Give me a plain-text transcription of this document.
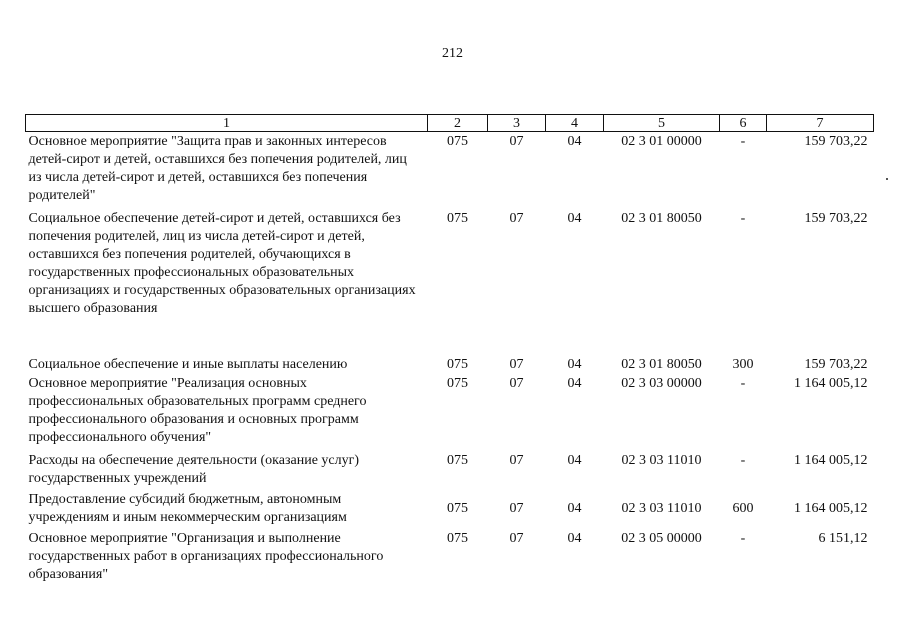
212
1	2	3	4	5	6	7
Основное мероприятие "Защита прав и законных интересов детей-сирот и детей, оставшихся без попечения родителей, лиц из числа детей-сирот и детей, оставшихся без попечения родителей"	075	07	04	02 3 01 00000	-	159 703,22
Социальное обеспечение детей-сирот и детей, оставшихся без попечения родителей, лиц из числа детей-сирот и детей, оставшихся без попечения родителей, обучающихся в государственных профессиональных образовательных организациях и государственных образовательных организациях высшего образования	075	07	04	02 3 01 80050	-	159 703,22
Социальное обеспечение и иные выплаты населению	075	07	04	02 3 01 80050	300	159 703,22
Основное мероприятие "Реализация основных профессиональных образовательных программ среднего профессионального образования и основных программ профессионального обучения"	075	07	04	02 3 03 00000	-	1 164 005,12
Расходы на обеспечение деятельности (оказание услуг) государственных учреждений	075	07	04	02 3 03 11010	-	1 164 005,12
Предоставление субсидий бюджетным, автономным учреждениям и иным некоммерческим организациям	075	07	04	02 3 03 11010	600	1 164 005,12
Основное мероприятие "Организация и выполнение государственных работ в организациях профессионального образования"	075	07	04	02 3 05 00000	-	6 151,12
